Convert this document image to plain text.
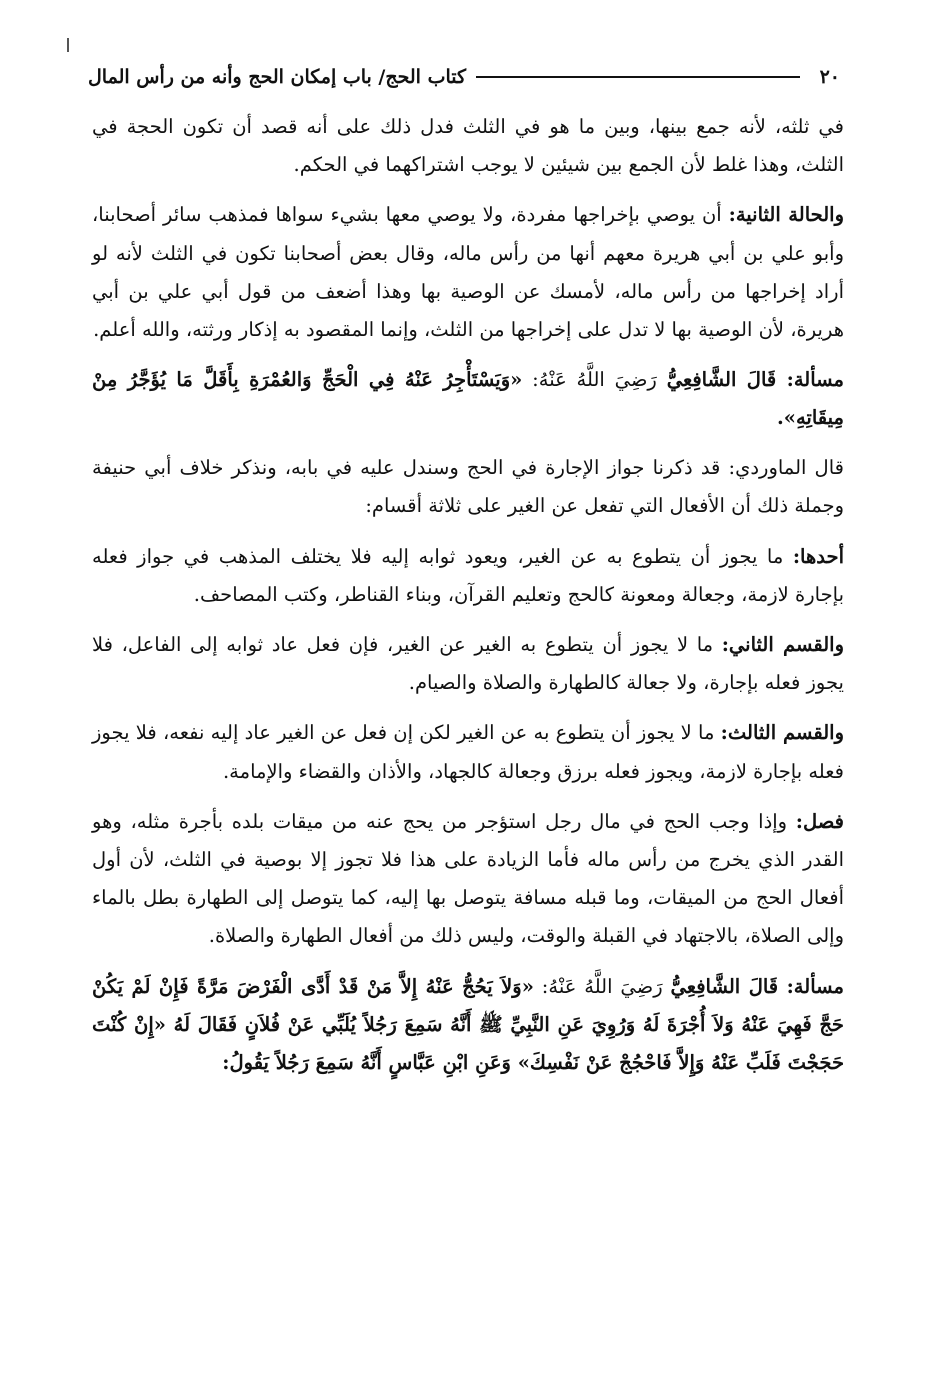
٢٠
كتاب الحج/ باب إمكان الحج وأنه من رأس المال

في ثلثه، لأنه جمع بينها، وبين ما هو في الثلث فدل ذلك على أنه قصد أن تكون الحجة في الثلث، وهذا غلط لأن الجمع بين شيئين لا يوجب اشتراكهما في الحكم.

والحالة الثانية: أن يوصي بإخراجها مفردة، ولا يوصي معها بشيء سواها فمذهب سائر أصحابنا، وأبو علي بن أبي هريرة معهم أنها من رأس ماله، وقال بعض أصحابنا تكون في الثلث لأنه لو أراد إخراجها من رأس ماله، لأمسك عن الوصية بها وهذا أضعف من قول أبي علي بن أبي هريرة، لأن الوصية بها لا تدل على إخراجها من الثلث، وإنما المقصود به إذكار ورثته، والله أعلم.

مسألة: قَالَ الشَّافِعِيُّ رَضِيَ اللَّهُ عَنْهُ: «وَيَسْتَأْجِرُ عَنْهُ فِي الْحَجِّ وَالعُمْرَةِ بِأَقَلَّ مَا يُؤَجَّرُ مِنْ مِيقَاتِهِ».

قال الماوردي: قد ذكرنا جواز الإجارة في الحج وسندل عليه في بابه، ونذكر خلاف أبي حنيفة وجملة ذلك أن الأفعال التي تفعل عن الغير على ثلاثة أقسام:

أحدها: ما يجوز أن يتطوع به عن الغير، ويعود ثوابه إليه فلا يختلف المذهب في جواز فعله بإجارة لازمة، وجعالة ومعونة كالحج وتعليم القرآن، وبناء القناطر، وكتب المصاحف.

والقسم الثاني: ما لا يجوز أن يتطوع به الغير عن الغير، فإن فعل عاد ثوابه إلى الفاعل، فلا يجوز فعله بإجارة، ولا جعالة كالطهارة والصلاة والصيام.

والقسم الثالث: ما لا يجوز أن يتطوع به عن الغير لكن إن فعل عن الغير عاد إليه نفعه، فلا يجوز فعله بإجارة لازمة، ويجوز فعله برزق وجعالة كالجهاد، والأذان والقضاء والإمامة.

فصل: وإذا وجب الحج في مال رجل استؤجر من يحج عنه من ميقات بلده بأجرة مثله، وهو القدر الذي يخرج من رأس ماله فأما الزيادة على هذا فلا تجوز إلا بوصية في الثلث، لأن أول أفعال الحج من الميقات، وما قبله مسافة يتوصل بها إليه، كما يتوصل إلى الطهارة بطل بالماء وإلى الصلاة، بالاجتهاد في القبلة والوقت، وليس ذلك من أفعال الطهارة والصلاة.

مسألة: قَالَ الشَّافِعِيُّ رَضِيَ اللَّهُ عَنْهُ: «وَلاَ يَحُجُّ عَنْهُ إِلاَّ مَنْ قَدْ أَدَّى الْفَرْضَ مَرَّةً فَإِنْ لَمْ يَكُنْ حَجَّ فَهِيَ عَنْهُ وَلاَ أُجْرَةَ لَهُ وَرُوِيَ عَنِ النَّبِيِّ ﷺ أَنَّهُ سَمِعَ رَجُلاً يُلَبِّي عَنْ فُلاَنٍ فَقَالَ لَهُ «إِنْ كُنْتَ حَجَجْتَ فَلَبِّ عَنْهُ وَإِلاَّ فَاحْجُجْ عَنْ نَفْسِكَ» وَعَنِ ابْنِ عَبَّاسٍ أَنَّهُ سَمِعَ رَجُلاً يَقُولُ:
